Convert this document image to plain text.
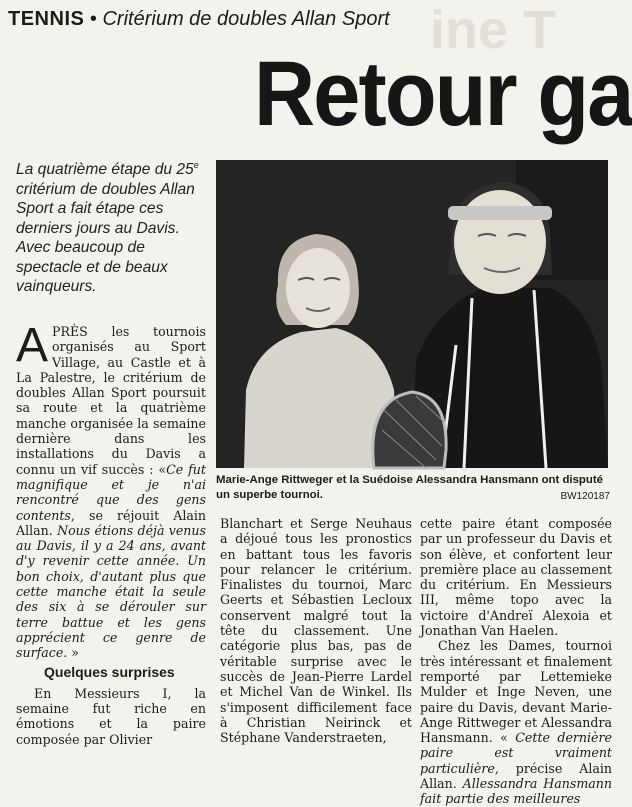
TENNIS • Critérium de doubles Allan Sport ine T
Retour ga
La quatrième étape du 25e critérium de doubles Allan Sport a fait étape ces derniers jours au Davis. Avec beaucoup de spectacle et de beaux vainqueurs.
Marie-Ange Rittweger et la Suédoise Alessandra Hansmann ont disputé un superbe tournoi.	BW120187

APRÈS les tournois organisés au Sport Village, au Castle et à La Palestre, le critérium de doubles Allan Sport poursuit sa route et la quatrième manche organisée la semaine dernière dans les installations du Davis a connu un vif succès : «Ce fut magnifique et je n'ai rencontré que des gens contents, se réjouit Alain Allan. Nous étions déjà venus au Davis, il y a 24 ans, avant d'y revenir cette année. Un bon choix, d'autant plus que cette manche était la seule des six à se dérouler sur terre battue et les gens apprécient ce genre de surface. »

Quelques surprises

En Messieurs I, la semaine fut riche en émotions et la paire composée par Olivier

Blanchart et Serge Neuhaus a déjoué tous les pronostics en battant tous les favoris pour relancer le critérium. Finalistes du tournoi, Marc Geerts et Sébastien Lecloux conservent malgré tout la tête du classement. Une catégorie plus bas, pas de véritable surprise avec le succès de Jean-Pierre Lardel et Michel Van de Winkel. Ils s'imposent difficilement face à Christian Neirinck et Stéphane Vanderstraeten,

cette paire étant composée par un professeur du Davis et son élève, et confortent leur première place au classement du critérium. En Messieurs III, même topo avec la victoire d'Andreï Alexoia et Jonathan Van Haelen.

Chez les Dames, tournoi très intéressant et finalement remporté par Lettemieke Mulder et Inge Neven, une paire du Davis, devant Marie-Ange Rittweger et Alessandra Hansmann. « Cette dernière paire est vraiment particulière, précise Alain Allan. Allessandra Hansmann fait partie des meilleures
